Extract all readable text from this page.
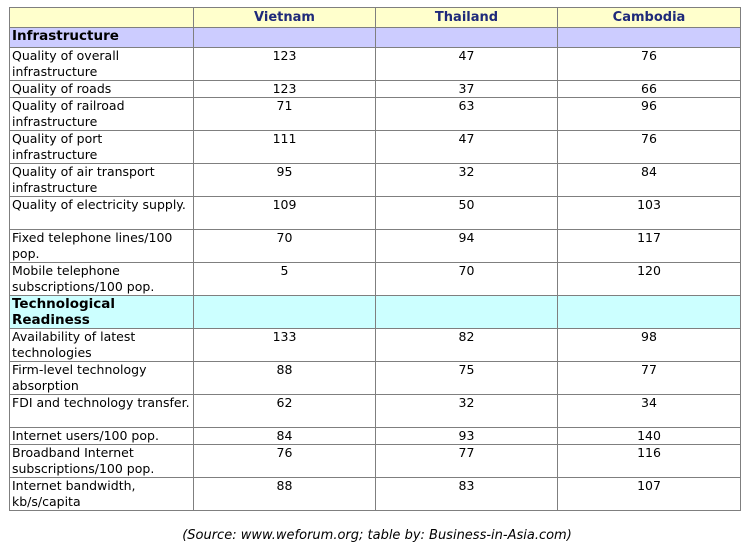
	Vietnam	Thailand	Cambodia
Infrastructure			
Quality of overall infrastructure	123	47	76
Quality of roads	123	37	66
Quality of railroad infrastructure	71	63	96
Quality of port infrastructure	111	47	76
Quality of air transport infrastructure	95	32	84
Quality of electricity supply.	109	50	103
Fixed telephone lines/100 pop.	70	94	117
Mobile telephone subscriptions/100 pop.	5	70	120
Technological Readiness			
Availability of latest technologies	133	82	98
Firm-level technology absorption	88	75	77
FDI and technology transfer.	62	32	34
Internet users/100 pop.	84	93	140
Broadband Internet subscriptions/100 pop.	76	77	116
Internet bandwidth, kb/s/capita	88	83	107
(Source: www.weforum.org; table by: Business-in-Asia.com)
